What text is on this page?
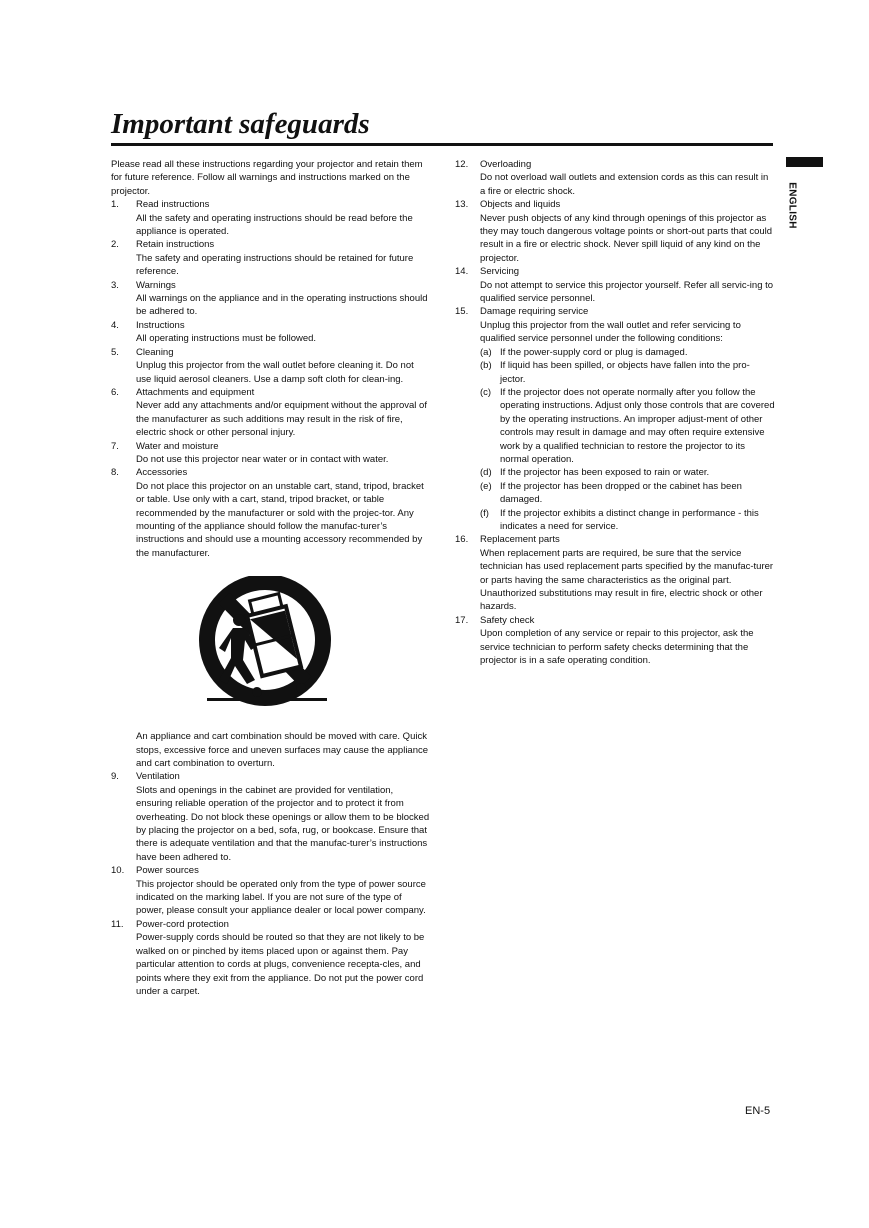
Important safeguards
ENGLISH

Please read all these instructions regarding your projector and retain them for future reference. Follow all warnings and instructions marked on the projector.

1. Read instructions

All the safety and operating instructions should be read before the appliance is operated.

2. Retain instructions

The safety and operating instructions should be retained for future reference.

3. Warnings

All warnings on the appliance and in the operating instructions should be adhered to.

4. Instructions

All operating instructions must be followed.

5. Cleaning

Unplug this projector from the wall outlet before cleaning it. Do not use liquid aerosol cleaners. Use a damp soft cloth for clean-ing.

6. Attachments and equipment

Never add any attachments and/or equipment without the approval of the manufacturer as such additions may result in the risk of fire, electric shock or other personal injury.

7. Water and moisture

Do not use this projector near water or in contact with water.

8. Accessories

Do not place this projector on an unstable cart, stand, tripod, bracket or table. Use only with a cart, stand, tripod bracket, or table recommended by the manufacturer or sold with the projec-tor. Any mounting of the appliance should follow the manufac-turer’s instructions and should use a mounting accessory recommended by the manufacturer.

An appliance and cart combination should be moved with care. Quick stops, excessive force and uneven surfaces may cause the appliance and cart combination to overturn.

9. Ventilation

Slots and openings in the cabinet are provided for ventilation, ensuring reliable operation of the projector and to protect it from overheating. Do not block these openings or allow them to be blocked by placing the projector on a bed, sofa, rug, or bookcase. Ensure that there is adequate ventilation and that the manufac-turer’s instructions have been adhered to.

10. Power sources

This projector should be operated only from the type of power source indicated on the marking label. If you are not sure of the type of power, please consult your appliance dealer or local power company.

11. Power-cord protection

Power-supply cords should be routed so that they are not likely to be walked on or pinched by items placed upon or against them. Pay particular attention to cords at plugs, convenience recepta-cles, and points where they exit from the appliance. Do not put the power cord under a carpet.

12. Overloading

Do not overload wall outlets and extension cords as this can result in a fire or electric shock.

13. Objects and liquids

Never push objects of any kind through openings of this projector as they may touch dangerous voltage points or short-out parts that could result in a fire or electric shock. Never spill liquid of any kind on the projector.

14. Servicing

Do not attempt to service this projector yourself. Refer all servic-ing to qualified service personnel.

15. Damage requiring service

Unplug this projector from the wall outlet and refer servicing to qualified service personnel under the following conditions:

(a) If the power-supply cord or plug is damaged.

(b) If liquid has been spilled, or objects have fallen into the pro-jector.

(c) If the projector does not operate normally after you follow the operating instructions. Adjust only those controls that are covered by the operating instructions. An improper adjust-ment of other controls may result in damage and may often require extensive work by a qualified technician to restore the projector to its normal operation.

(d) If the projector has been exposed to rain or water.

(e) If the projector has been dropped or the cabinet has been damaged.

(f) If the projector exhibits a distinct change in performance - this indicates a need for service.

16. Replacement parts

When replacement parts are required, be sure that the service technician has used replacement parts specified by the manufac-turer or parts having the same characteristics as the original part. Unauthorized substitutions may result in fire, electric shock or other hazards.

17. Safety check

Upon completion of any service or repair to this projector, ask the service technician to perform safety checks determining that the projector is in a safe operating condition.

EN-5
